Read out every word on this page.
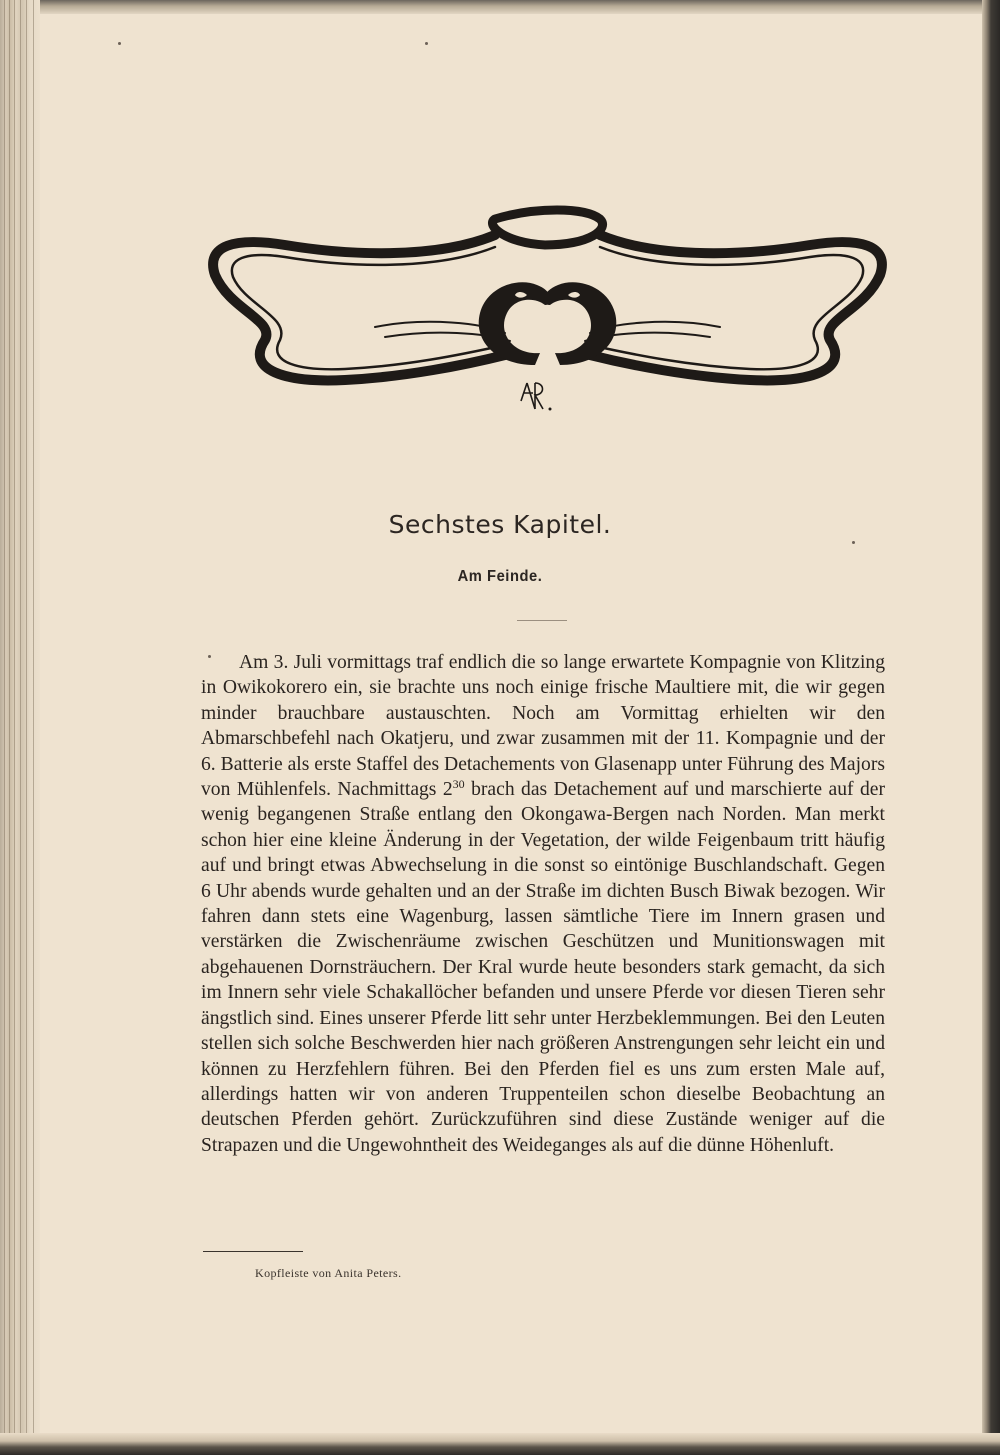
Sechstes Kapitel.
Am Feinde.

Am 3. Juli vormittags traf endlich die so lange erwartete Kompagnie von Klitzing in Owikokorero ein, sie brachte uns noch einige frische Maultiere mit, die wir gegen minder brauchbare austauschten. Noch am Vormittag erhielten wir den Abmarschbefehl nach Okatjeru, und zwar zusammen mit der 11. Kompagnie und der 6. Batterie als erste Staffel des Detachements von Glasenapp unter Führung des Majors von Mühlenfels. Nachmittags $2^{30}$ brach das Detachement auf und marschierte auf der wenig begangenen Straße entlang den Okongawa-Bergen nach Norden. Man merkt schon hier eine kleine Änderung in der Vegetation, der wilde Feigenbaum tritt häufig auf und bringt etwas Abwechselung in die sonst so eintönige Buschlandschaft. Gegen 6 Uhr abends wurde gehalten und an der Straße im dichten Busch Biwak bezogen. Wir fahren dann stets eine Wagenburg, lassen sämtliche Tiere im Innern grasen und verstärken die Zwischenräume zwischen Geschützen und Munitionswagen mit abgehauenen Dornsträuchern. Der Kral wurde heute besonders stark gemacht, da sich im Innern sehr viele Schakallöcher befanden und unsere Pferde vor diesen Tieren sehr ängstlich sind. Eines unserer Pferde litt sehr unter Herzbeklemmungen. Bei den Leuten stellen sich solche Beschwerden hier nach größeren Anstrengungen sehr leicht ein und können zu Herzfehlern führen. Bei den Pferden fiel es uns zum ersten Male auf, allerdings hatten wir von anderen Truppenteilen schon dieselbe Beobachtung an deutschen Pferden gehört. Zurückzuführen sind diese Zustände weniger auf die Strapazen und die Ungewohntheit des Weideganges als auf die dünne Höhenluft.

Kopfleiste von Anita Peters.
